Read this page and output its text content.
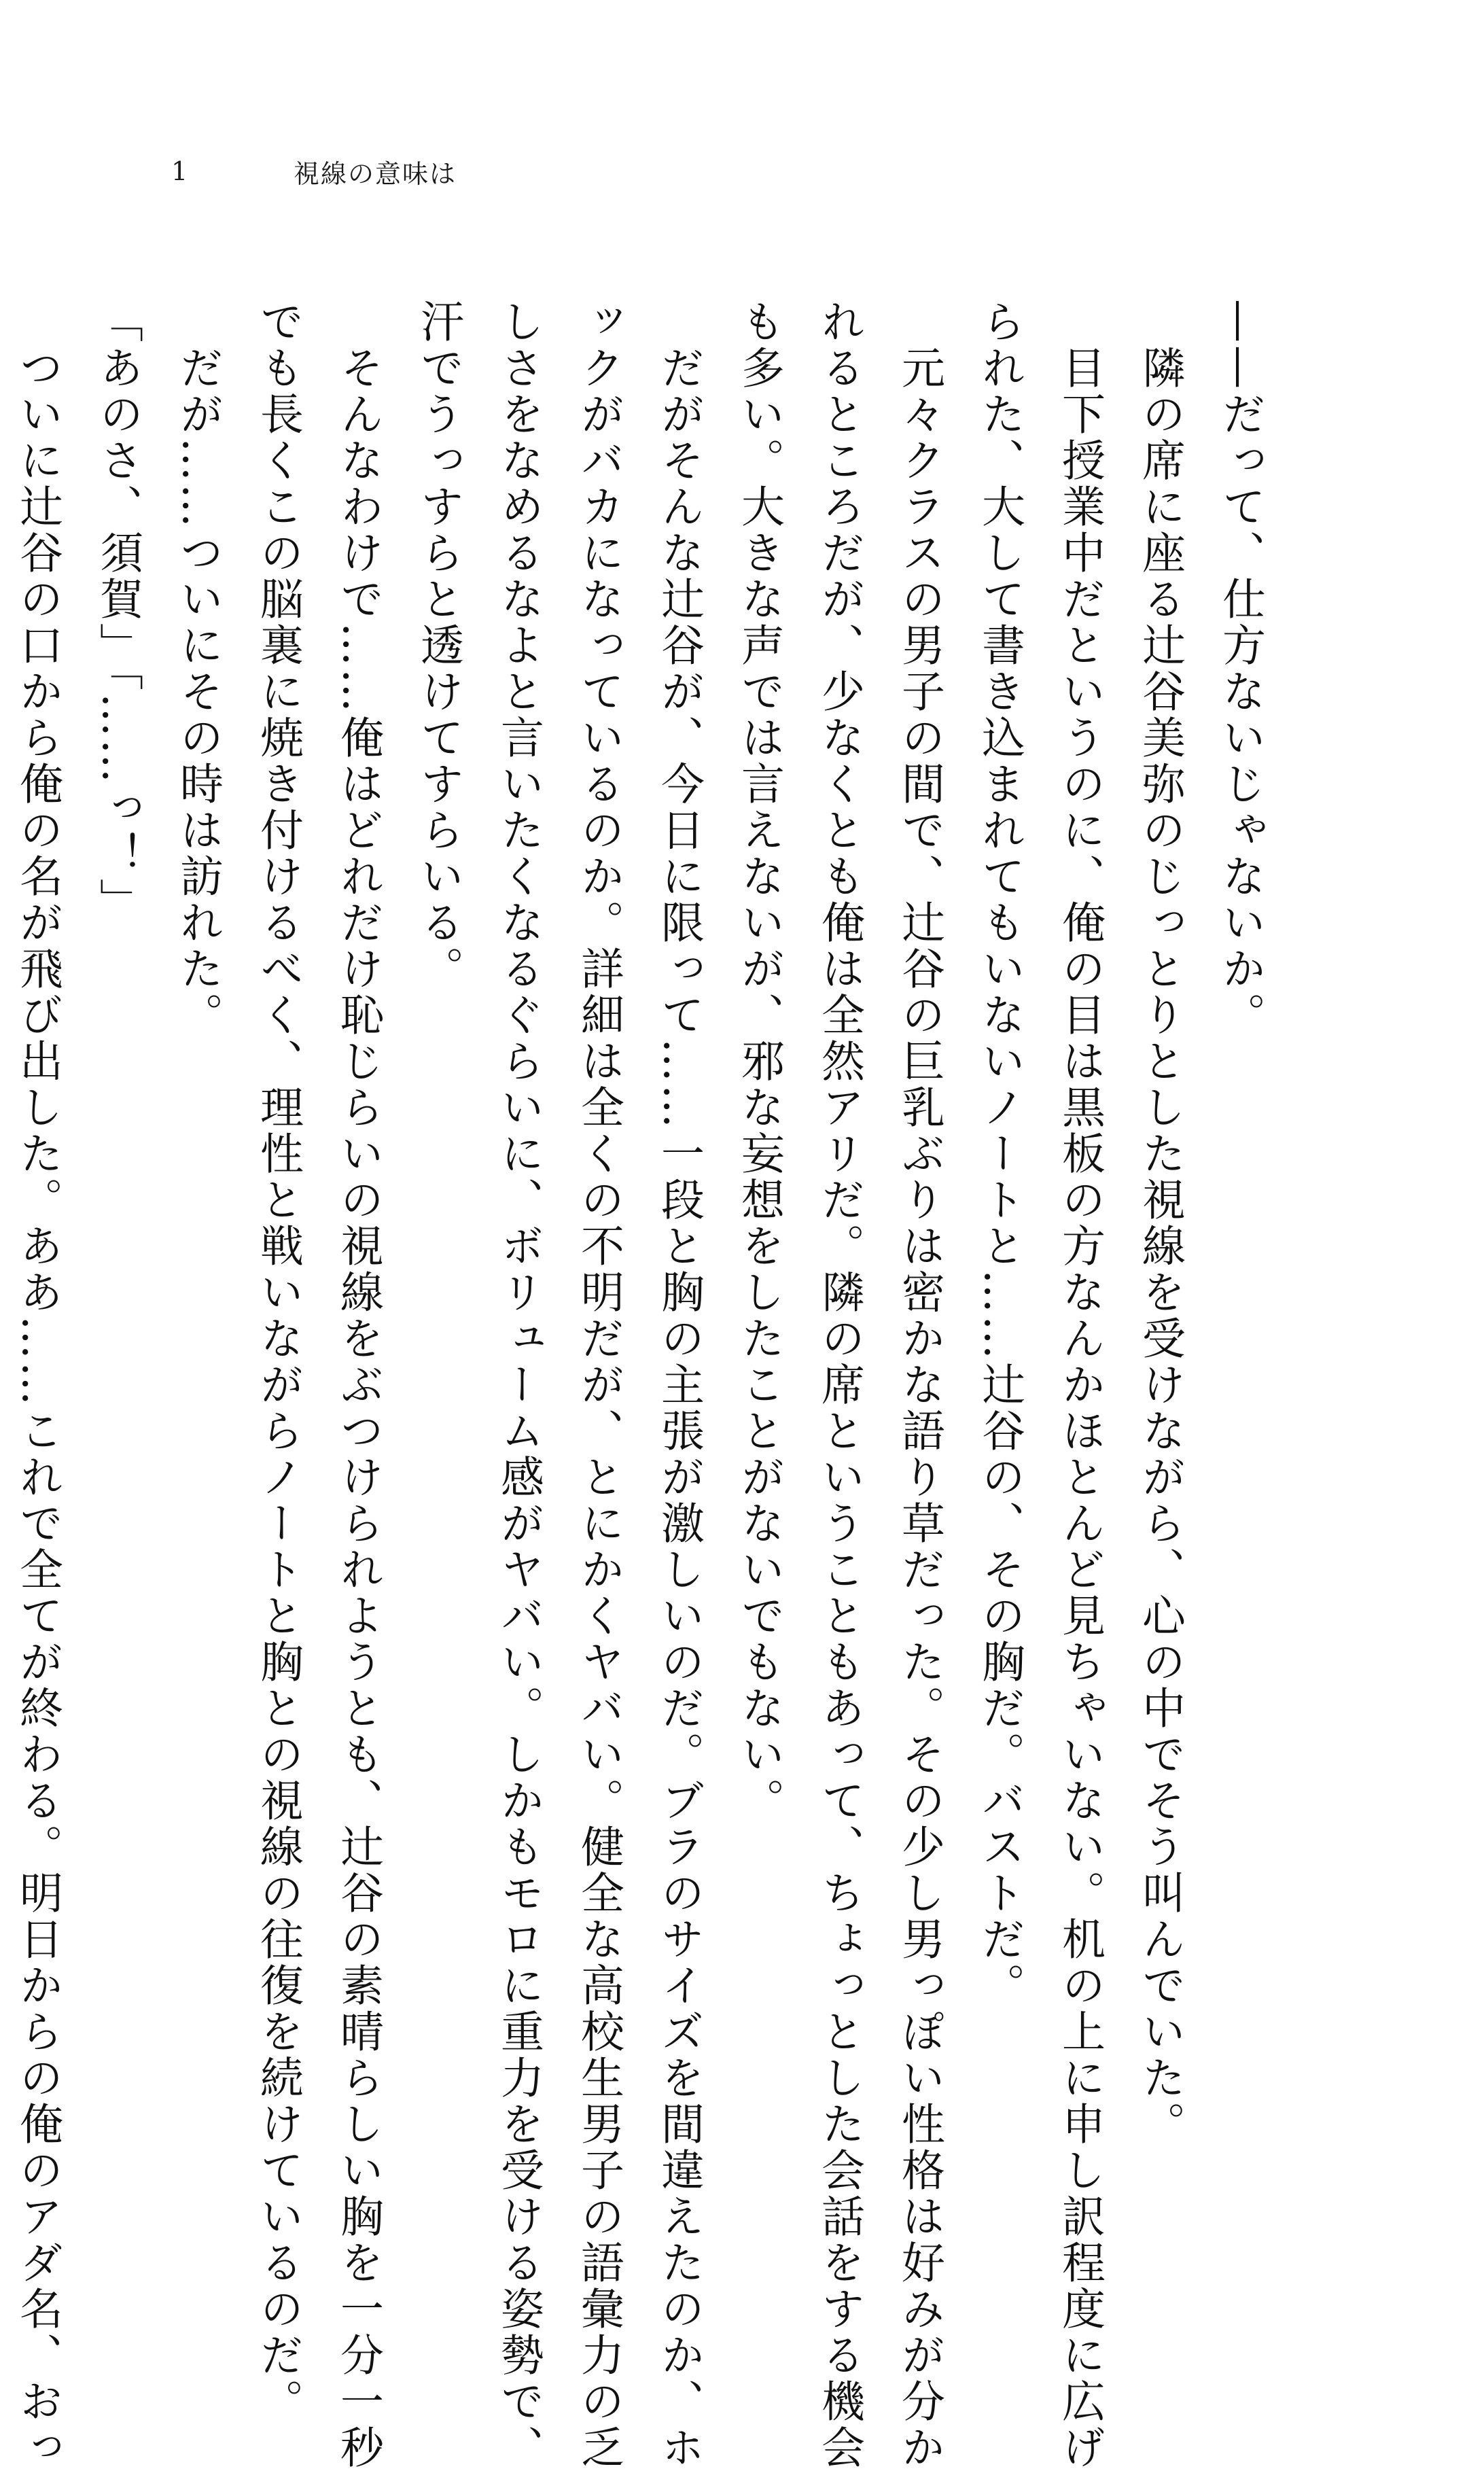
1	視線の意味は
——だって、仕方ないじゃないか。
　隣の席に座る辻谷美弥のじっとりとした視線を受けながら、心の中でそう叫んでいた。
　目下授業中だというのに、俺の目は黒板の方なんかほとんど見ちゃいない。机の上に申し訳程度に広げ
られた、大して書き込まれてもいないノートと……辻谷の、その胸だ。バストだ。
　元々クラスの男子の間で、辻谷の巨乳ぶりは密かな語り草だった。その少し男っぽい性格は好みが分か
れるところだが、少なくとも俺は全然アリだ。隣の席ということもあって、ちょっとした会話をする機会
も多い。大きな声では言えないが、邪な妄想をしたことがないでもない。
　だがそんな辻谷が、今日に限って……一段と胸の主張が激しいのだ。ブラのサイズを間違えたのか、ホ
ックがバカになっているのか。詳細は全くの不明だが、とにかくヤバい。健全な高校生男子の語彙力の乏
しさをなめるなよと言いたくなるぐらいに、ボリューム感がヤバい。しかもモロに重力を受ける姿勢で、
汗でうっすらと透けてすらいる。
　そんなわけで……俺はどれだけ恥じらいの視線をぶつけられようとも、辻谷の素晴らしい胸を一分一秒
でも長くこの脳裏に焼き付けるべく、理性と戦いながらノートと胸との視線の往復を続けているのだ。
　だが……ついにその時は訪れた。
「あのさ、須賀」「……っ！」
　ついに辻谷の口から俺の名が飛び出した。ああ……これで全てが終わる。明日からの俺のアダ名、おっ
